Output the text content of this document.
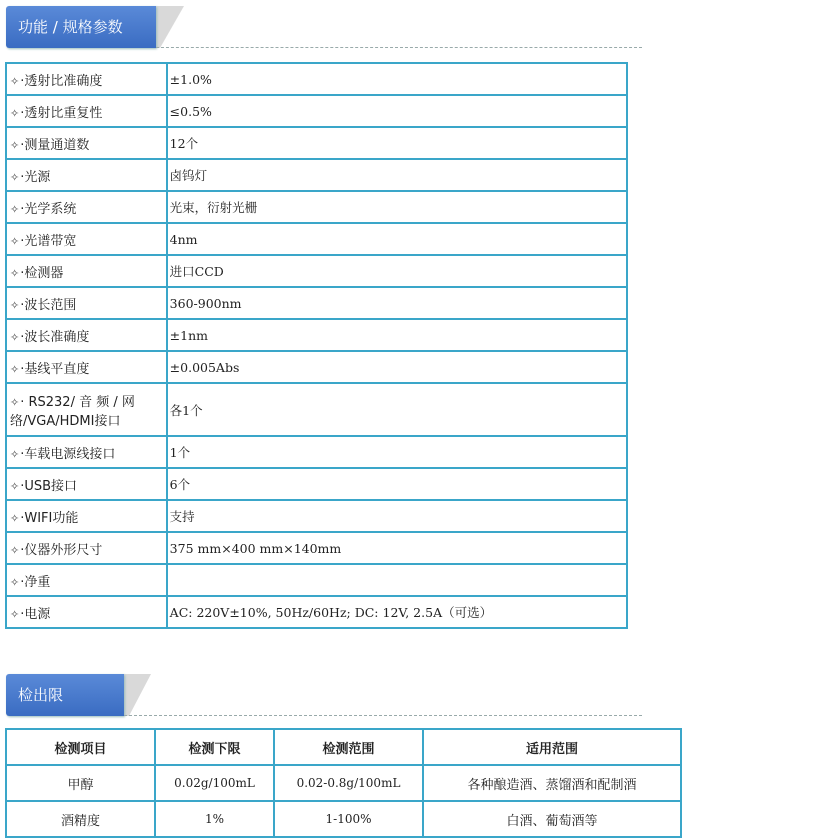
功能 / 规格参数
✧·透射比准确度	±1.0%
✧·透射比重复性	≤0.5%
✧·测量通道数	12个
✧·光源	卤钨灯
✧·光学系统	光束，衍射光栅
✧·光谱带宽	4nm
✧·检测器	进口CCD
✧·波长范围	360-900nm
✧·波长准确度	±1nm
✧·基线平直度	±0.005Abs
✧· RS232/ 音 频 / 网络/VGA/HDMI接口	各1个
✧·车载电源线接口	1个
✧·USB接口	6个
✧·WIFI功能	支持
✧·仪器外形尺寸	375 mm×400 mm×140mm
✧·净重	
✧·电源	AC: 220V±10%, 50Hz/60Hz; DC: 12V, 2.5A（可选）
检出限
检测项目	检测下限	检测范围	适用范围
甲醇	0.02g/100mL	0.02-0.8g/100mL	各种酿造酒、蒸馏酒和配制酒
酒精度	1%	1-100%	白酒、葡萄酒等
